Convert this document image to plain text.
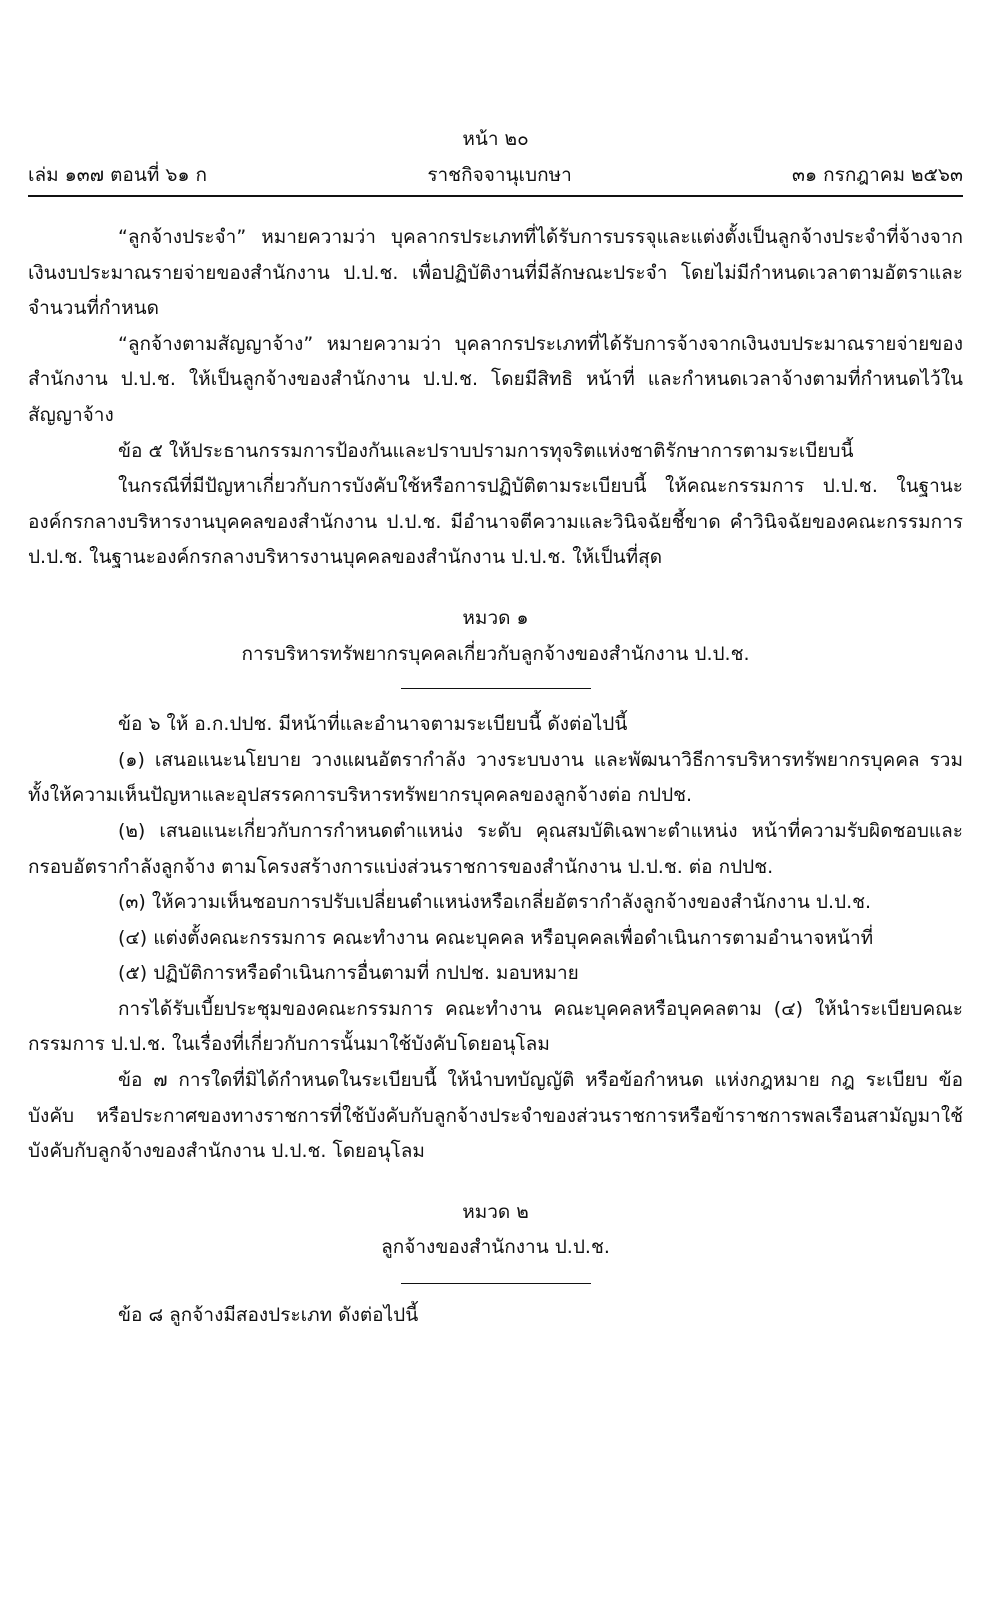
หน้า ๒๐
เล่ม ๑๓๗ ตอนที่ ๖๑ ก	ราชกิจจานุเบกษา	๓๑ กรกฎาคม ๒๕๖๓

“ลูกจ้างประจำ” หมายความว่า บุคลากรประเภทที่ได้รับการบรรจุและแต่งตั้งเป็นลูกจ้างประจำที่จ้างจากเงินงบประมาณรายจ่ายของสำนักงาน ป.ป.ช. เพื่อปฏิบัติงานที่มีลักษณะประจำ โดยไม่มีกำหนดเวลาตามอัตราและจำนวนที่กำหนด

“ลูกจ้างตามสัญญาจ้าง” หมายความว่า บุคลากรประเภทที่ได้รับการจ้างจากเงินงบประมาณรายจ่ายของสำนักงาน ป.ป.ช. ให้เป็นลูกจ้างของสำนักงาน ป.ป.ช. โดยมีสิทธิ หน้าที่ และกำหนดเวลาจ้างตามที่กำหนดไว้ในสัญญาจ้าง

ข้อ ๕ ให้ประธานกรรมการป้องกันและปราบปรามการทุจริตแห่งชาติรักษาการตามระเบียบนี้

ในกรณีที่มีปัญหาเกี่ยวกับการบังคับใช้หรือการปฏิบัติตามระเบียบนี้ ให้คณะกรรมการ ป.ป.ช. ในฐานะองค์กรกลางบริหารงานบุคคลของสำนักงาน ป.ป.ช. มีอำนาจตีความและวินิจฉัยชี้ขาด คำวินิจฉัยของคณะกรรมการ ป.ป.ช. ในฐานะองค์กรกลางบริหารงานบุคคลของสำนักงาน ป.ป.ช. ให้เป็นที่สุด

หมวด ๑

การบริหารทรัพยากรบุคคลเกี่ยวกับลูกจ้างของสำนักงาน ป.ป.ช.

ข้อ ๖ ให้ อ.ก.ปปช. มีหน้าที่และอำนาจตามระเบียบนี้ ดังต่อไปนี้

(๑) เสนอแนะนโยบาย วางแผนอัตรากำลัง วางระบบงาน และพัฒนาวิธีการบริหารทรัพยากรบุคคล รวมทั้งให้ความเห็นปัญหาและอุปสรรคการบริหารทรัพยากรบุคคลของลูกจ้างต่อ กปปช.

(๒) เสนอแนะเกี่ยวกับการกำหนดตำแหน่ง ระดับ คุณสมบัติเฉพาะตำแหน่ง หน้าที่ความรับผิดชอบและกรอบอัตรากำลังลูกจ้าง ตามโครงสร้างการแบ่งส่วนราชการของสำนักงาน ป.ป.ช. ต่อ กปปช.

(๓) ให้ความเห็นชอบการปรับเปลี่ยนตำแหน่งหรือเกลี่ยอัตรากำลังลูกจ้างของสำนักงาน ป.ป.ช.

(๔) แต่งตั้งคณะกรรมการ คณะทำงาน คณะบุคคล หรือบุคคลเพื่อดำเนินการตามอำนาจหน้าที่

(๕) ปฏิบัติการหรือดำเนินการอื่นตามที่ กปปช. มอบหมาย

การได้รับเบี้ยประชุมของคณะกรรมการ คณะทำงาน คณะบุคคลหรือบุคคลตาม (๔) ให้นำระเบียบคณะกรรมการ ป.ป.ช. ในเรื่องที่เกี่ยวกับการนั้นมาใช้บังคับโดยอนุโลม

ข้อ ๗ การใดที่มิได้กำหนดในระเบียบนี้ ให้นำบทบัญญัติ หรือข้อกำหนด แห่งกฎหมาย กฎ ระเบียบ ข้อบังคับ หรือประกาศของทางราชการที่ใช้บังคับกับลูกจ้างประจำของส่วนราชการหรือข้าราชการพลเรือนสามัญมาใช้บังคับกับลูกจ้างของสำนักงาน ป.ป.ช. โดยอนุโลม

หมวด ๒

ลูกจ้างของสำนักงาน ป.ป.ช.

ข้อ ๘ ลูกจ้างมีสองประเภท ดังต่อไปนี้
